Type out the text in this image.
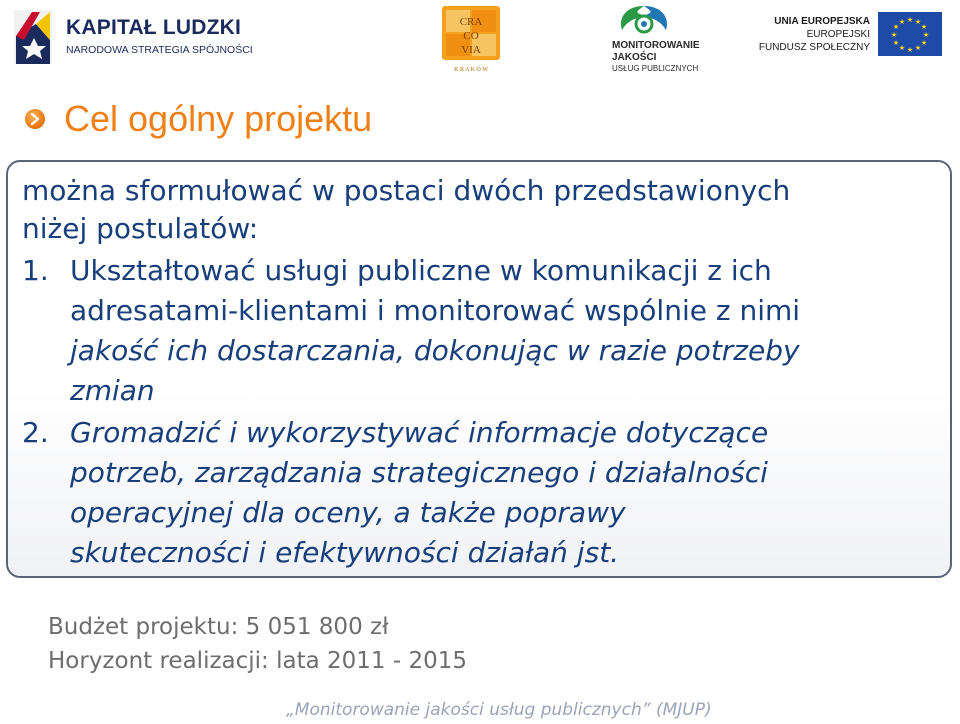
KAPITAŁ LUDZKI
NARODOWA STRATEGIA SPÓJNOŚCI
CRA
CO
VIA
K R A K Ó W
MONITOROWANIE
JAKOŚCI
USŁUG PUBLICZNYCH
UNIA EUROPEJSKA
EUROPEJSKI
FUNDUSZ SPOŁECZNY
★ ★
★
★
★
★
★
★
★
★
★
★
Cel ogólny projektu
można sformułować w postaci dwóch przedstawionych
niżej postulatów:
1. Ukształtować usługi publiczne w komunikacji z ich
adresatami-klientami i monitorować wspólnie z nimi
jakość ich dostarczania, dokonując w razie potrzeby
zmian
2. Gromadzić i wykorzystywać informacje dotyczące
potrzeb, zarządzania strategicznego i działalności
operacyjnej dla oceny, a także poprawy
skuteczności i efektywności działań jst.
Budżet projektu: 5 051 800 zł
Horyzont realizacji: lata 2011 - 2015
„Monitorowanie jakości usług publicznych” (MJUP)
